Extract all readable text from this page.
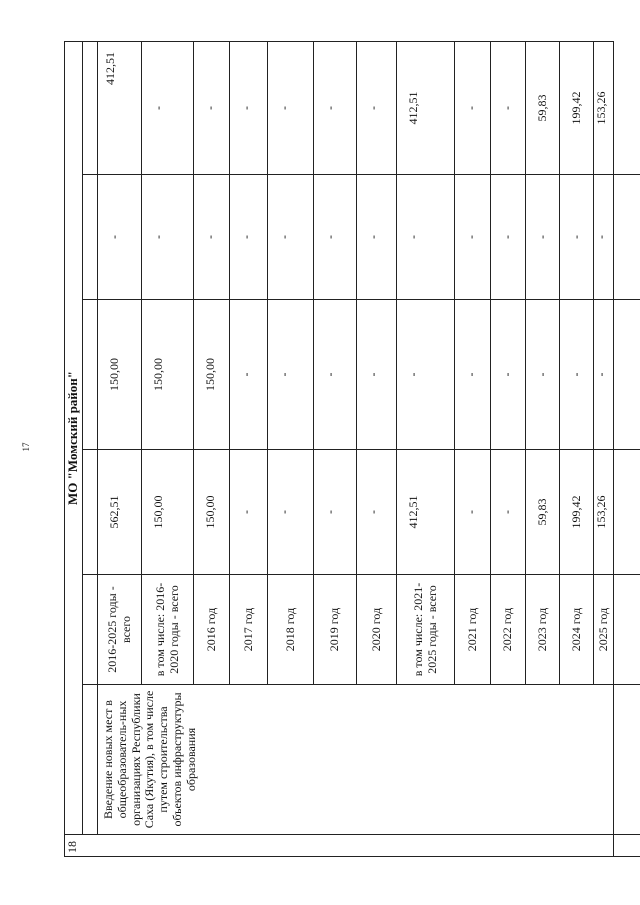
17
18	МО "Момский район"					

	Введение новых мест в общеобразователь-ных организациях Республики Саха (Якутия), в том числе путем строительства объектов инфраструктуры образования	2016-2025 годы - всего	562,51	150,00	-	412,51
		в том числе: 2016-2020 годы - всего	150,00	150,00	-	-
		2016 год	150,00	150,00	-	-
		2017 год	-	-	-	-
		2018 год	-	-	-	-
		2019 год	-	-	-	-
		2020 год	-	-	-	-
		в том числе: 2021-2025 годы - всего	412,51	-	-	412,51
		2021 год	-	-	-	-
		2022 год	-	-	-	-
		2023 год	59,83	-	-	59,83
		2024 год	199,42	-	-	199,42
		2025 год	153,26	-	-	153,26
